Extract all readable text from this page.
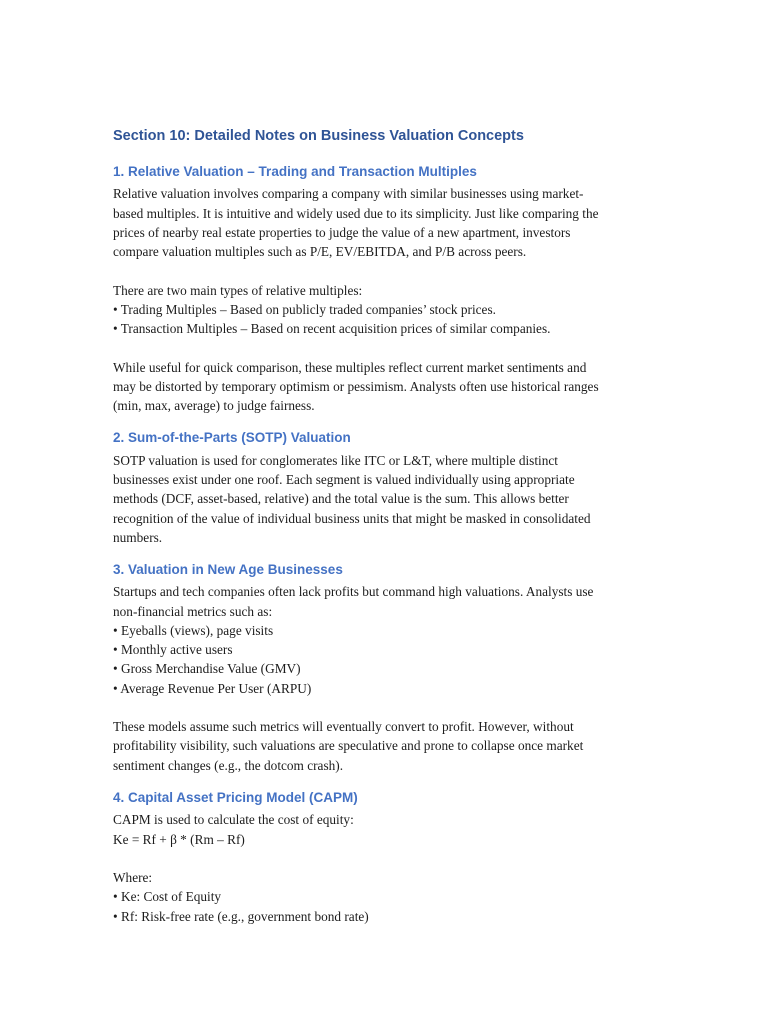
Section 10: Detailed Notes on Business Valuation Concepts
1. Relative Valuation – Trading and Transaction Multiples
Relative valuation involves comparing a company with similar businesses using market-
based multiples. It is intuitive and widely used due to its simplicity. Just like comparing the
prices of nearby real estate properties to judge the value of a new apartment, investors
compare valuation multiples such as P/E, EV/EBITDA, and P/B across peers.
There are two main types of relative multiples:
• Trading Multiples – Based on publicly traded companies’ stock prices.
• Transaction Multiples – Based on recent acquisition prices of similar companies.
While useful for quick comparison, these multiples reflect current market sentiments and
may be distorted by temporary optimism or pessimism. Analysts often use historical ranges
(min, max, average) to judge fairness.
2. Sum-of-the-Parts (SOTP) Valuation
SOTP valuation is used for conglomerates like ITC or L&T, where multiple distinct
businesses exist under one roof. Each segment is valued individually using appropriate
methods (DCF, asset-based, relative) and the total value is the sum. This allows better
recognition of the value of individual business units that might be masked in consolidated
numbers.
3. Valuation in New Age Businesses
Startups and tech companies often lack profits but command high valuations. Analysts use
non-financial metrics such as:
• Eyeballs (views), page visits
• Monthly active users
• Gross Merchandise Value (GMV)
• Average Revenue Per User (ARPU)
These models assume such metrics will eventually convert to profit. However, without
profitability visibility, such valuations are speculative and prone to collapse once market
sentiment changes (e.g., the dotcom crash).
4. Capital Asset Pricing Model (CAPM)
CAPM is used to calculate the cost of equity:
Ke = Rf + β * (Rm – Rf)
Where:
• Ke: Cost of Equity
• Rf: Risk-free rate (e.g., government bond rate)
